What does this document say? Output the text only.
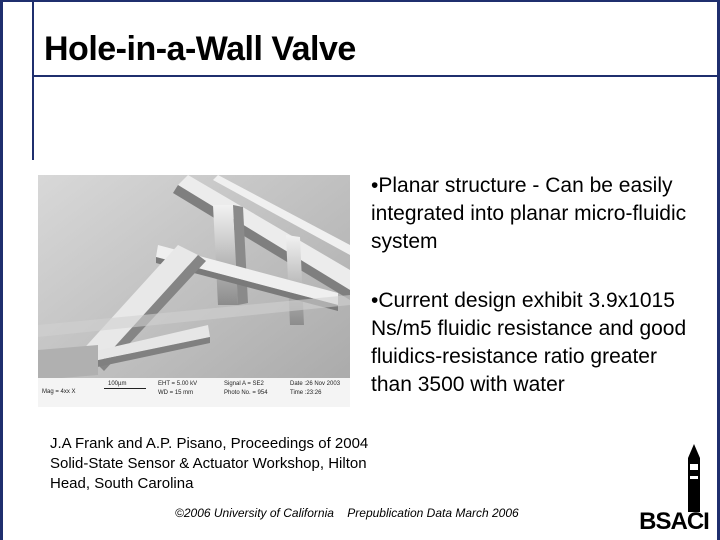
Hole-in-a-Wall Valve
Mag = 4xx X
100µm	EHT = 5.00 kV
WD = 15 mm
Signal A = SE2
Photo No. = 954
Date :26 Nov 2003
Time :23:26
•Planar structure - Can be easily integrated into planar micro-fluidic system
•Current design exhibit 3.9x1015 Ns/m5 fluidic resistance and good fluidics-resistance ratio greater than 3500 with water
J.A Frank and A.P. Pisano, Proceedings of 2004 Solid-State Sensor & Actuator Workshop, Hilton Head, South Carolina
©2006 University of California Prepublication Data March 2006	BSACI
